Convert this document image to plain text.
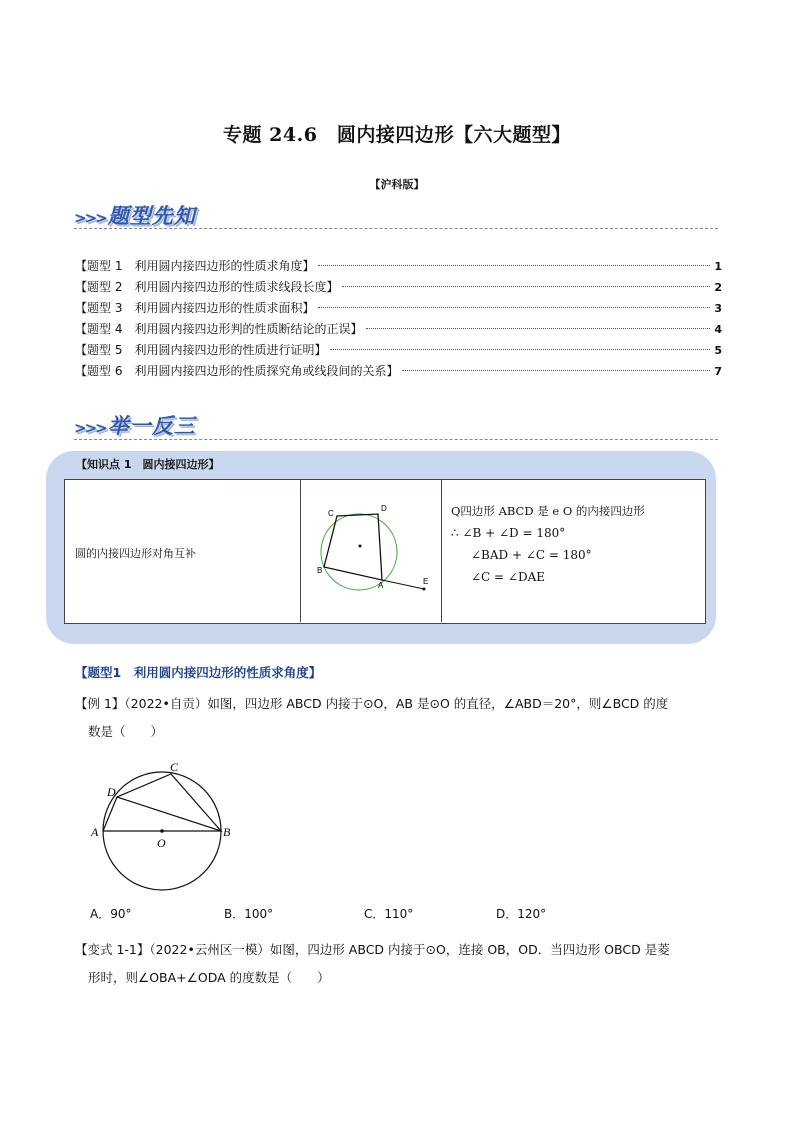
专题 24.6　圆内接四边形【六大题型】
【沪科版】
>>>题型先知
【题型 1　利用圆内接四边形的性质求角度】	1
【题型 2　利用圆内接四边形的性质求线段长度】	2
【题型 3　利用圆内接四边形的性质求面积】	3
【题型 4　利用圆内接四边形判的性质断结论的正误】	4
【题型 5　利用圆内接四边形的性质进行证明】	5
【题型 6　利用圆内接四边形的性质探究角或线段间的关系】	7
>>>举一反三
【知识点 1　圆内接四边形】
圆的内接四边形对角互补
C
D
B
A	E
Q四边形 ABCD 是 e O 的内接四边形
∴ ∠B + ∠D = 180°
∠BAD + ∠C = 180°
∠C = ∠DAE
【题型1　利用圆内接四边形的性质求角度】
【例 1】（2022•自贡）如图，四边形 ABCD 内接于⊙O，AB 是⊙O 的直径，∠ABD＝20°，则∠BCD 的度
数是（　　）
C
D
A	B
O
A．90°	B．100°	C．110°	D．120°
【变式 1-1】（2022•云州区一模）如图，四边形 ABCD 内接于⊙O，连接 OB，OD．当四边形 OBCD 是菱
形时，则∠OBA+∠ODA 的度数是（　　）
